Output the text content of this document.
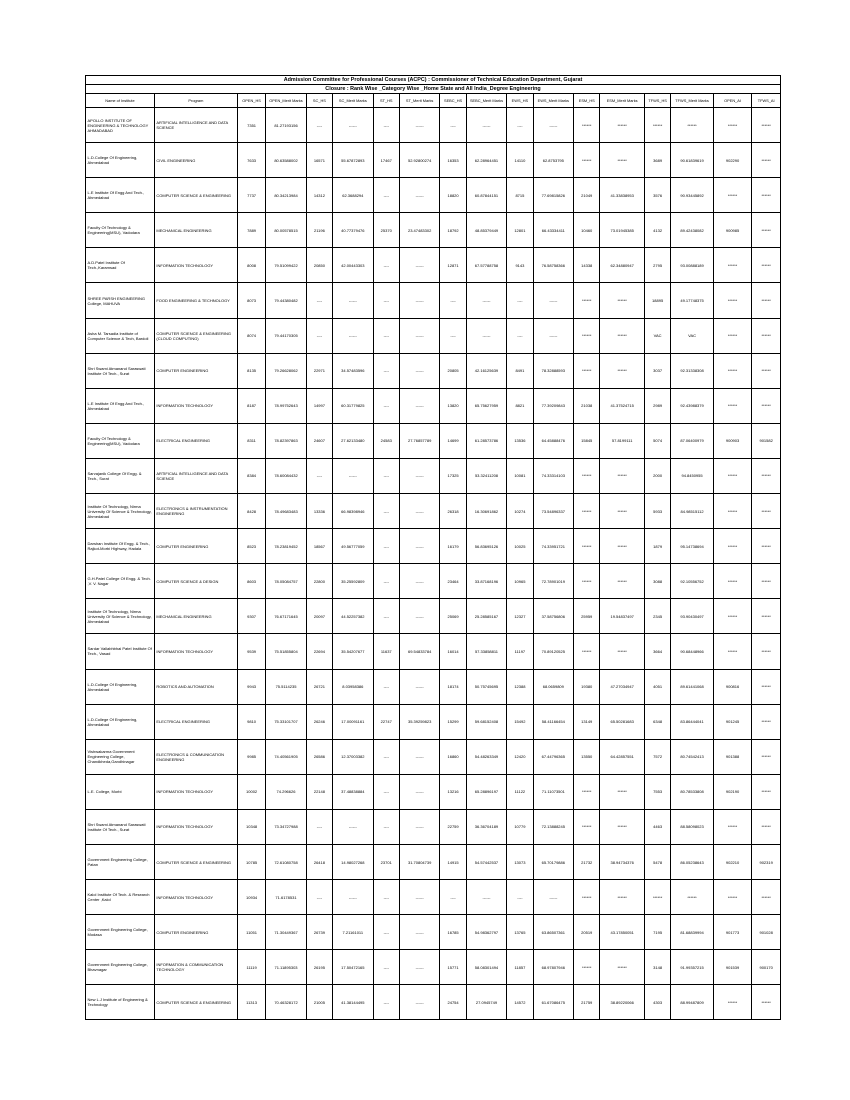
Admission Committee for Professional Courses (ACPC) : Commissioner of Technical Education Department, Gujarat																	
Closure : Rank Wise _Category Wise _Home State and All India_Degree Engineering																	
Name of Institute	Program	OPEN_HS	OPEN_Merit Marks	SC_HS	SC_Merit Marks	ST_HS	ST_Merit Marks	SEBC_HS	SEBC_Merit Marks	EWS_HS	EWS_Merit Marks	ESM_HS	ESM_Merit Marks	TFWS_HS	TFWS_Merit Marks	OPEN_AI	TFWS_AI
APOLLO INSTITUTE OF ENGINEERING & TECHNOLOGY AHMADABAD	ARTIFICIAL INTELLIGENCE AND DATA SCIENCE	7351	81.27193156	----	------	----	------	----	------	----	------	******	******	******	******	******	******
L.D.College Of Engineering, Ahmedabad	CIVIL ENGINEERING	7633	80.63588002	16571	55.67872893	17467	52.92800274	16353	62.28964451	14110	62.8753795	******	******	3689	90.61839619	902290	******
L.E Institute Of Engg And Tech., Ahmedabad	COMPUTER SCIENCE & ENGINEERING	7737	80.34213984	14312	62.3688294	----	------	18820	60.87844151	8715	77.69815826	21049	41.33838953	3576	90.93445892	******	******
Faculty Of Technology & Engineering(MSU), Vadodara	MECHANICAL ENGINEERING	7889	80.00578515	21196	40.77379476	25370	23.47483302	18792	48.85379449	12801	66.43334411	10460	73.01945385	4132	89.42438082	900985	******
A.D.Patel Institute Of Tech.,Karamsad	INFORMATION TECHNOLOGY	8008	79.51099422	20850	42.00443303	----	------	12871	67.57788758	9143	76.58758366	14338	62.34880947	2795	93.00888189	******	******
SHREE PARSH ENGINEERING College, MAHUVA	FOOD ENGINEERING & TECHNOLOGY	8073	79.44380482	----	------	----	------	----	------	----	------	******	******	18895	49.17748375	******	******
Asha M. Tarsadia Institute of Computer Science & Tech, Bardoli	COMPUTER SCIENCE & ENGINEERING (CLOUD COMPUTING)	8074	79.44170305	----	------	----	------	----	------	----	------	******	******	VAC	VAC	******	******
Shri Swami Atmanand Saraswati Institute Of Tech., Surat	COMPUTER ENGINEERING	8135	79.26628062	22971	34.57483596	----	------	20805	42.16125639	8491	78.32888593	******	******	3037	92.31338308	******	******
L.E Institute Of Engg And Tech., Ahmedabad	INFORMATION TECHNOLOGY	8187	78.99752643	14997	60.31779825	----	------	13820	65.75627959	8821	77.39209843	21038	41.37524715	2989	92.43988379	******	******
Faculty Of Technology & Engineering(MSU), Vadodara	ELECTRICAL ENGINEERING	8311	78.82397863	24607	27.62133480	24583	27.76857789	14699	61.28573786	13536	64.45888476	15845	57.8199111	5074	87.06400979	900903	901582
Sarvajanik College Of Engg. & Tech., Surat	ARTIFICIAL INTELLIGENCE AND DATA SCIENCE	8384	78.60084432	----	------	----	------	17325	53.32411208	10081	74.33314103	******	******	2000	94.8450955	******	******
Institute Of Technology, Nirma University Of Science & Technology, Ahmedabad	ELECTRONICS & INSTRUMENTATION ENGINEERING	8428	78.49683483	13336	66.98398946	----	------	26318	16.30691862	10274	73.54896337	******	******	5933	84.98515112	******	******
Darshan Institute Of Engg. & Tech., Rajkot-Morbi Highway, Hadala	COMPUTER ENGINEERING	8523	78.23819452	18567	49.56777059	----	------	16179	56.83695126	10025	74.33951721	******	******	1879	95.14738694	******	******
G.H.Patel College Of Engg. & Tech. ,V. V. Nagar	COMPUTER SCIENCE & DESIGN	8603	78.05084757	22800	35.25592809	----	------	23464	33.87168196	10965	72.78901019	******	******	3088	92.10556752	******	******
Institute Of Technology, Nirma University Of Science & Technology, Ahmedabad	MECHANICAL ENGINEERING	9307	76.67171645	20097	44.52257382	----	------	25069	25.28585167	12327	37.58756806	25959	19.54837497	2345	93.90430497	******	******
Sardar Vallabhbhai Patel Institute Of Tech., Vasad	INFORMATION TECHNOLOGY	9539	75.51855804	22694	35.54207677	11637	69.54833784	16014	57.33858811	11197	70.89120525	******	******	3664	90.68448966	******	******
L.D.College Of Engineering, Ahmedabad	ROBOTICS AND AUTOMATION	9943	75.5114235	26721	8.03958386	----	------	18174	50.75745695	12388	68.0659809	19380	47.27034947	4051	89.61441068	900816	******
L.D.College Of Engineering, Ahmedabad	ELECTRICAL ENGINEERING	9810	75.33101707	26246	17.00091161	22747	35.39259823	15299	59.68152408	15492	58.41166454	13149	65.50281683	6348	83.86444041	901245	******
Vishwakarma Government Engineering College, Chandkheda,Gandhinagar	ELECTRONICS & COMMUNICATION ENGINEERING	9985	74.40561905	26586	12.37003382	----	------	16860	54.48263349	12420	67.44796365	13550	64.42857551	7572	80.74542413	901388	******
L.E. College, Morbi	INFORMATION TECHNOLOGY	10002	74.296626	22148	37.48838884	----	------	13216	65.28896197	11122	71.11073501	******	******	7553	80.78533808	902190	******
Shri Swami Atmanand Saraswati Institute Of Tech., Surat	INFORMATION TECHNOLOGY	10348	73.34727988	----	------	----	------	22759	36.36704189	10779	72.13888245	******	******	4463	88.58098023	******	******
Government Engineering College, Patan	COMPUTER SCIENCE & ENGINEERING	10785	72.61080758	26418	14.98027268	23701	31.70804739	14915	54.57442537	13073	65.70179886	21732	38.94734376	5478	86.05238643	902210	902319
Kalol Institute Of Tech. & Research Center ,Kalol	INFORMATION TECHNOLOGY	10934	71.6178531	----	------	----	------	----	------	----	------	******	******	******	******	******	******
Government Engineering College, Modasa	COMPUTER ENGINEERING	11051	71.30449367	26739	7.21161011	----	------	16785	54.98362797	13765	63.86507361	20519	43.17850051	7195	81.68839994	901773	901028
Government Engineering College, Bhavnagar	INFORMATION & COMMUNICATION TECHNOLOGY	11119	71.11895303	26195	17.50472165	----	------	15771	58.08301494	11857	68.97807946	******	******	3148	91.99357215	901539	900170
New L.J Institute of Engineering & Technology	COMPUTER SCIENCE & ENGINEERING	11313	70.46328172	21005	41.38144495	----	------	24754	27.0945749	14572	61.67086475	21759	38.89220066	4303	88.99487809	******	******
